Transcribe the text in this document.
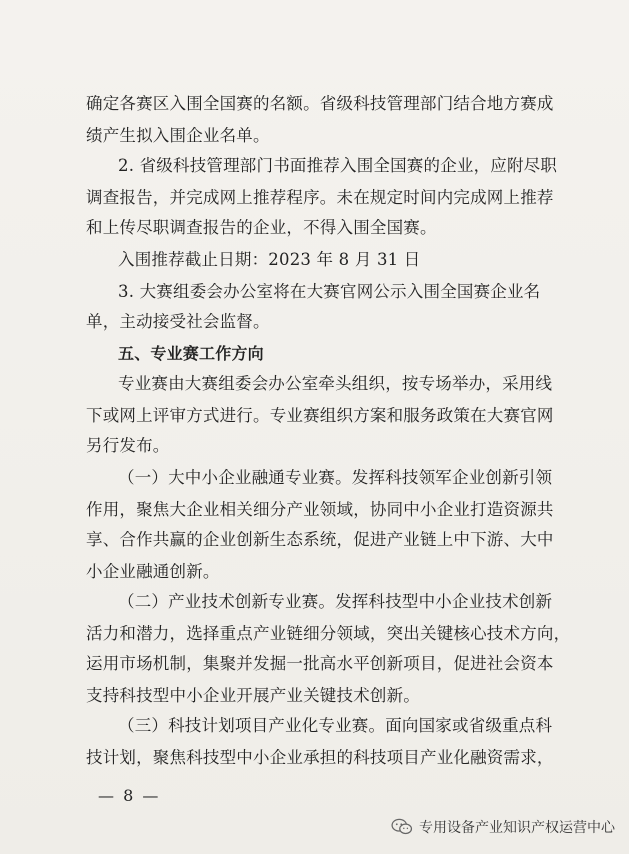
确定各赛区入围全国赛的名额。省级科技管理部门结合地方赛成
绩产生拟入围企业名单。
2. 省级科技管理部门书面推荐入围全国赛的企业，应附尽职
调查报告，并完成网上推荐程序。未在规定时间内完成网上推荐
和上传尽职调查报告的企业，不得入围全国赛。
入围推荐截止日期：2023 年 8 月 31 日
3. 大赛组委会办公室将在大赛官网公示入围全国赛企业名
单，主动接受社会监督。
五、专业赛工作方向
专业赛由大赛组委会办公室牵头组织，按专场举办，采用线
下或网上评审方式进行。专业赛组织方案和服务政策在大赛官网
另行发布。
（一）大中小企业融通专业赛。发挥科技领军企业创新引领
作用，聚焦大企业相关细分产业领域，协同中小企业打造资源共
享、合作共赢的企业创新生态系统，促进产业链上中下游、大中
小企业融通创新。
（二）产业技术创新专业赛。发挥科技型中小企业技术创新
活力和潜力，选择重点产业链细分领域，突出关键核心技术方向，
运用市场机制，集聚并发掘一批高水平创新项目，促进社会资本
支持科技型中小企业开展产业关键技术创新。
（三）科技计划项目产业化专业赛。面向国家或省级重点科
技计划，聚焦科技型中小企业承担的科技项目产业化融资需求，
— 8 —
专用设备产业知识产权运营中心
